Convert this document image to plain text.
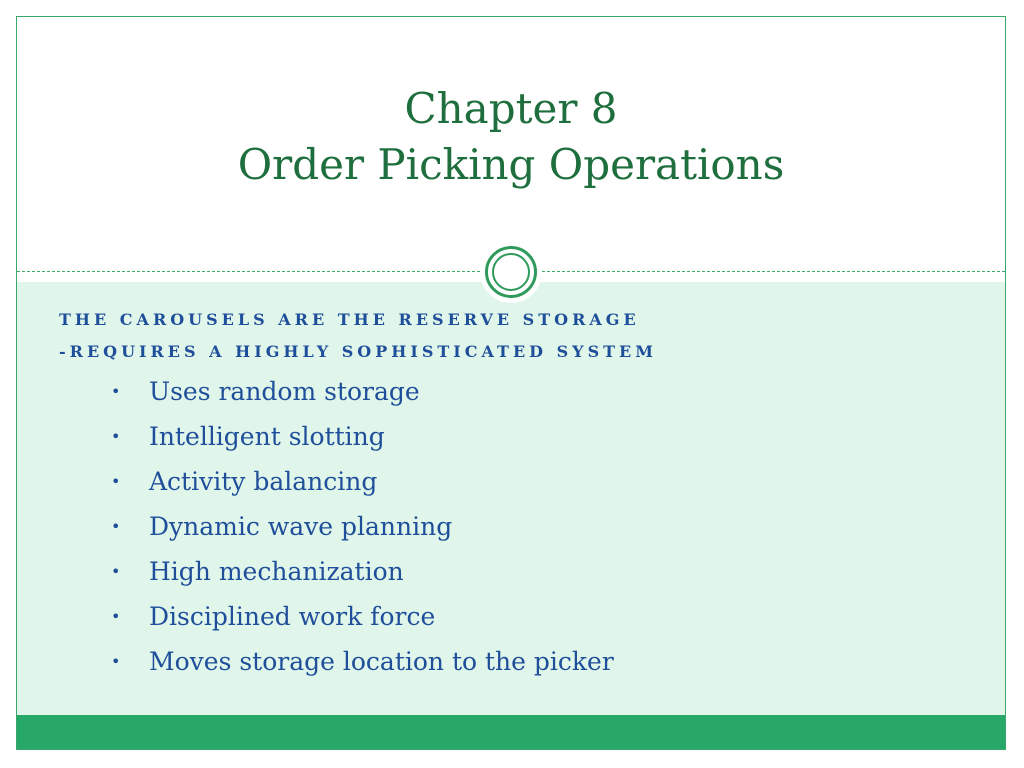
Chapter 8
Order Picking Operations
THE CAROUSELS ARE THE RESERVE STORAGE
-REQUIRES A HIGHLY SOPHISTICATED SYSTEM
• Uses random storage
• Intelligent slotting
• Activity balancing
• Dynamic wave planning
• High mechanization
• Disciplined work force
• Moves storage location to the picker
